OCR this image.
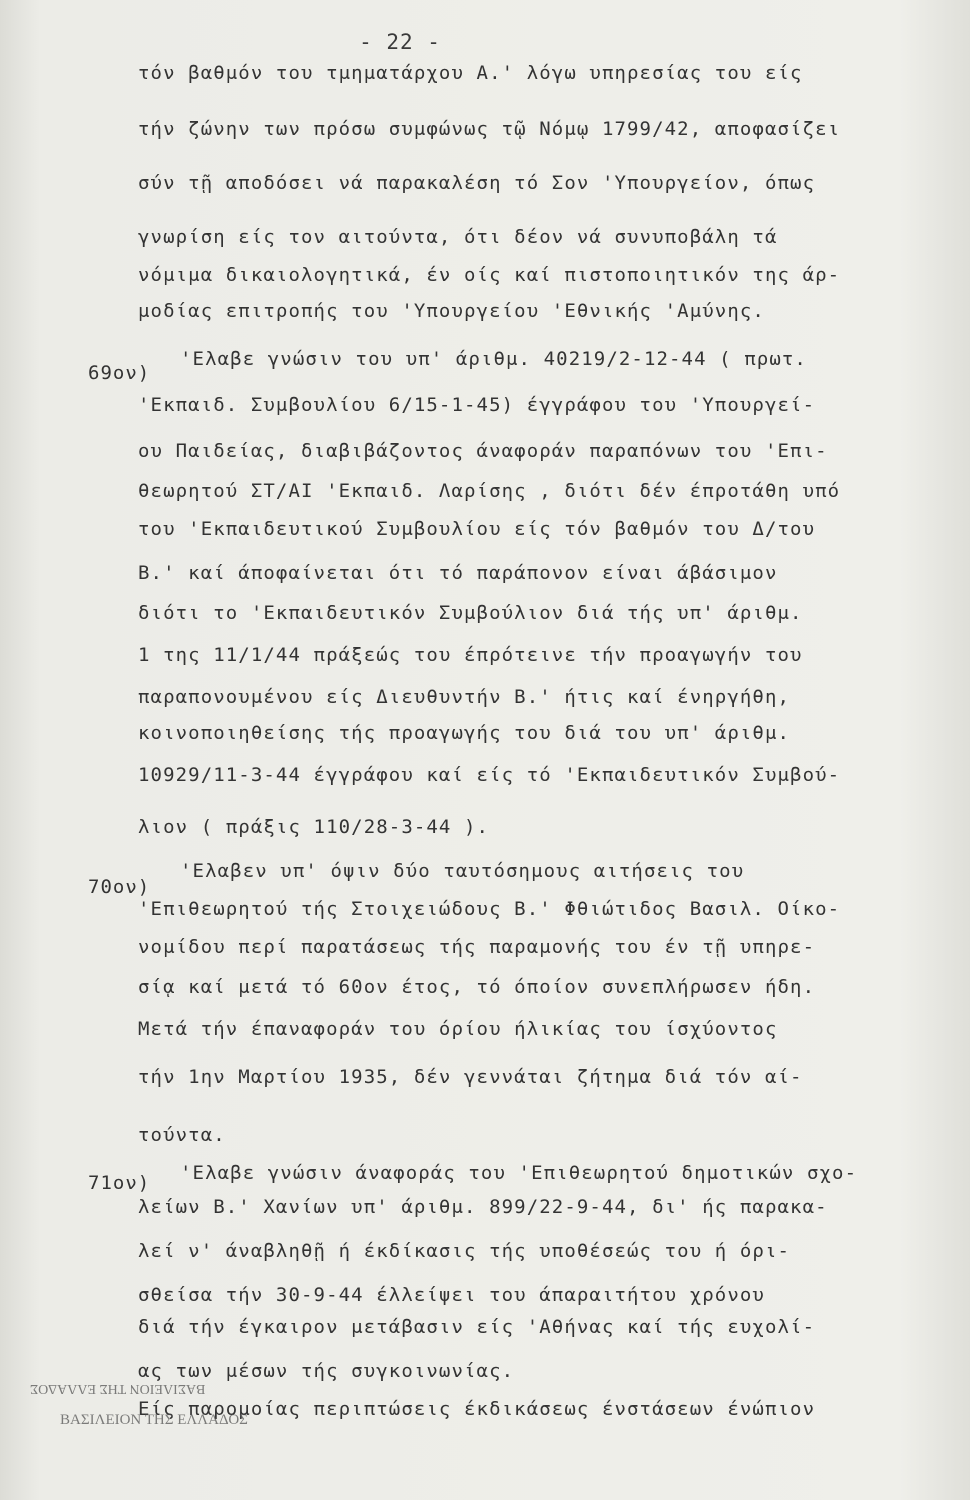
- 22 -
τόν βαθμόν του τμηματάρχου Α.' λόγω υπηρεσίας του είς
τήν ζώνην των πρόσω συμφώνως τῷ Νόμῳ 1799/42, αποφασίζει
σύν τῇ αποδόσει νά παρακαλέση τό Σον 'Υπουργείον, όπως
γνωρίση είς τον αιτούντα, ότι δέον νά συνυποβάλη τά
νόμιμα δικαιολογητικά, έν οίς καί πιστοποιητικόν της άρ-
μοδίας επιτροπής του 'Υπουργείου 'Εθνικής 'Αμύνης.
69ον)
'Ελαβε γνώσιν του υπ' άριθμ. 40219/2-12-44 ( πρωτ.
'Εκπαιδ. Συμβουλίου 6/15-1-45) έγγράφου του 'Υπουργεί-
ου Παιδείας, διαβιβάζοντος άναφοράν παραπόνων του 'Επι-
θεωρητού ΣΤ/ΑΙ 'Εκπαιδ. Λαρίσης , διότι δέν έπροτάθη υπό
του 'Εκπαιδευτικού Συμβουλίου είς τόν βαθμόν του Δ/του
Β.' καί άποφαίνεται ότι τό παράπονον είναι άβάσιμον
διότι το 'Εκπαιδευτικόν Συμβούλιον διά τής υπ' άριθμ.
1 της 11/1/44 πράξεώς του έπρότεινε τήν προαγωγήν του
παραπονουμένου είς Διευθυντήν Β.' ήτις καί ένηργήθη,
κοινοποιηθείσης τής προαγωγής του διά του υπ' άριθμ.
10929/11-3-44 έγγράφου καί είς τό 'Εκπαιδευτικόν Συμβού-
λιον ( πράξις 110/28-3-44 ).
70ον)
'Ελαβεν υπ' όψιν δύο ταυτόσημους αιτήσεις του
'Επιθεωρητού τής Στοιχειώδους Β.' Φθιώτιδος Βασιλ. Οίκο-
νομίδου περί παρατάσεως τής παραμονής του έν τῇ υπηρε-
σίᾳ καί μετά τό 60ον έτος, τό όποίον συνεπλήρωσεν ήδη.
Μετά τήν έπαναφοράν του όρίου ήλικίας του ίσχύοντος
τήν 1ην Μαρτίου 1935, δέν γεννάται ζήτημα διά τόν αί-
τούντα.
71ον) 'Ελαβε γνώσιν άναφοράς του 'Επιθεωρητού δημοτικών σχο-
λείων Β.' Χανίων υπ' άριθμ. 899/22-9-44, δι' ής παρακα-
λεί ν' άναβληθῇ ή έκδίκασις τής υποθέσεώς του ή όρι-
σθείσα τήν 30-9-44 έλλείψει του άπαραιτήτου χρόνου
διά τήν έγκαιρον μετάβασιν είς 'Αθήνας καί τής ευχολί-
ας των μέσων τής συγκοινωνίας.
Είς παρομοίας περιπτώσεις έκδικάσεως ένστάσεων ένώπιον
ΒΑΣΙΛΕΙΟΝ ΤΗΣ ΕΛΛΑΔΟΣ
ΒΑΣΙΛΕΙΟΝ ΤΗΣ ΕΛΛΑΔΟΣ
